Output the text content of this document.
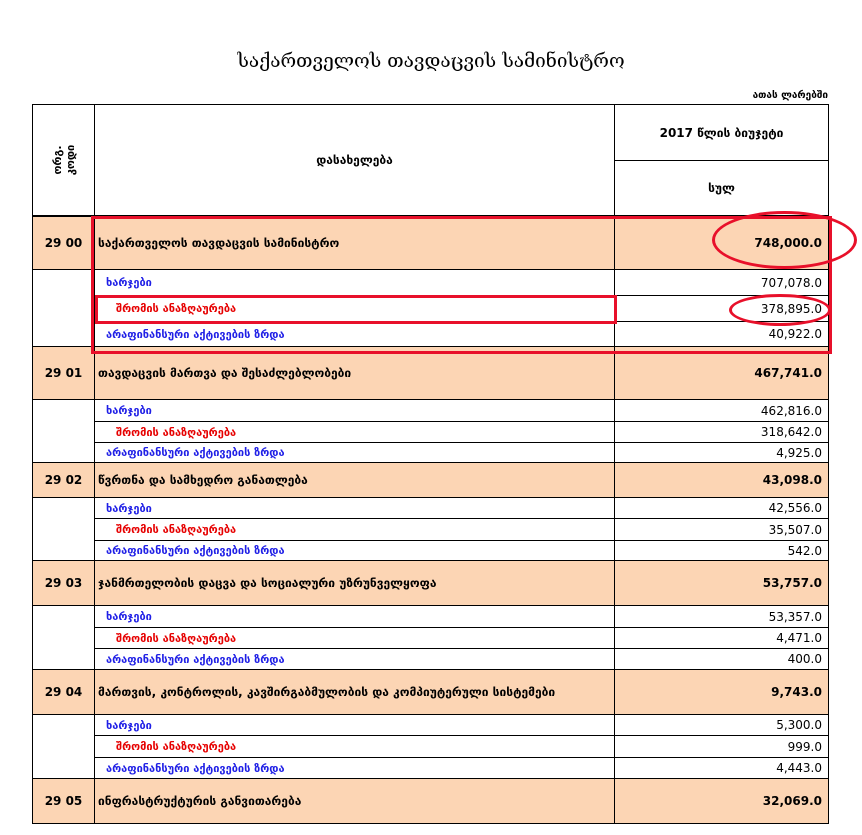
საქართველოს თავდაცვის სამინისტრო
ათას ლარებში
ორგ.
კოდი	დასახელება
2017 წლის ბიუჯეტი
სულ
29 00	საქართველოს თავდაცვის სამინისტრო	748,000.0
ხარჯები	707,078.0
შრომის ანაზღაურება	378,895.0
არაფინანსური აქტივების ზრდა	40,922.0
29 01	თავდაცვის მართვა და შესაძლებლობები	467,741.0
ხარჯები	462,816.0
შრომის ანაზღაურება	318,642.0
არაფინანსური აქტივების ზრდა	4,925.0
29 02	წვრთნა და სამხედრო განათლება	43,098.0
ხარჯები	42,556.0
შრომის ანაზღაურება	35,507.0
არაფინანსური აქტივების ზრდა	542.0
29 03	ჯანმრთელობის დაცვა და სოციალური უზრუნველყოფა	53,757.0
ხარჯები	53,357.0
შრომის ანაზღაურება	4,471.0
არაფინანსური აქტივების ზრდა	400.0
29 04	მართვის, კონტროლის, კავშირგაბმულობის და კომპიუტერული სისტემები	9,743.0
ხარჯები	5,300.0
შრომის ანაზღაურება	999.0
არაფინანსური აქტივების ზრდა	4,443.0
29 05	ინფრასტრუქტურის განვითარება	32,069.0
